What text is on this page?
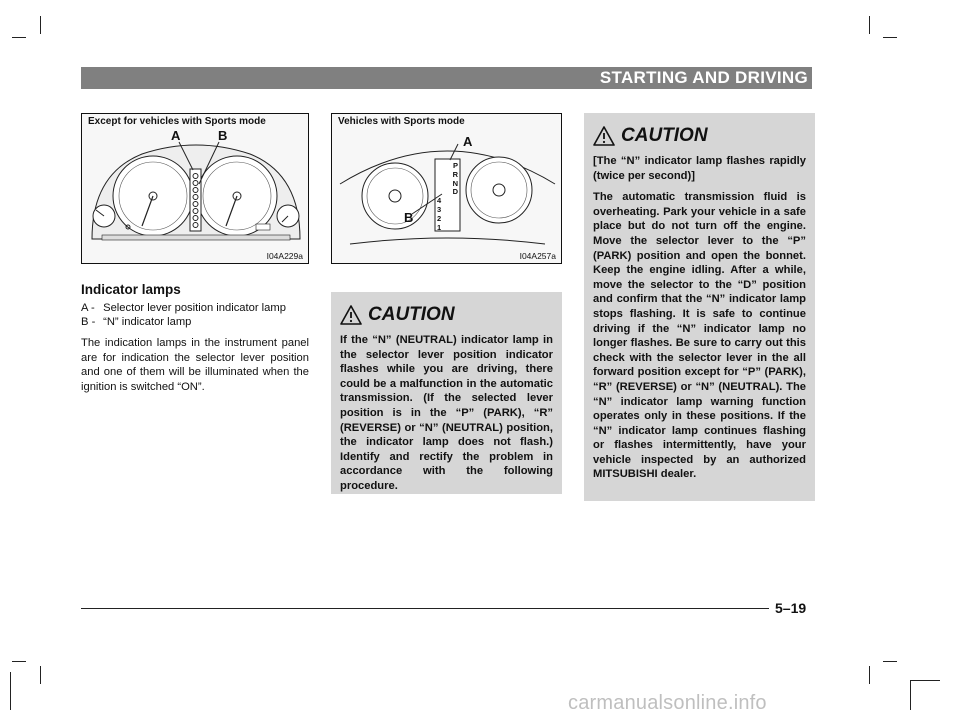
STARTING AND DRIVING
Except for vehicles with Sports mode
A	B
I04A229a
P
R
N
D
4
3
2
1
Vehicles with Sports mode
A
B
I04A257a
Indicator lamps
A - Selector lever position indicator lamp
B - “N” indicator lamp
The indication lamps in the instrument panel are for indication the selector lever position and one of them will be illuminated when the ignition is switched “ON”.
CAUTION

If the “N” (NEUTRAL) indicator lamp in the selector lever position indicator flashes while you are driving, there could be a malfunction in the automatic transmission. (If the selected lever position is in the “P” (PARK), “R” (REVERSE) or “N” (NEUTRAL) position, the indicator lamp does not flash.) Identify and rectify the problem in accordance with the following procedure.

CAUTION

[The “N” indicator lamp flashes rapidly (twice per second)]

The automatic transmission fluid is overheating. Park your vehicle in a safe place but do not turn off the engine. Move the selector lever to the “P” (PARK) position and open the bonnet. Keep the engine idling. After a while, move the selector to the “D” position and confirm that the “N” indicator lamp stops flashing. It is safe to continue driving if the “N” indicator lamp no longer flashes. Be sure to carry out this check with the selector lever in the all forward position except for “P” (PARK), “R” (REVERSE) or “N” (NEUTRAL). The “N” indicator lamp warning function operates only in these positions. If the “N” indicator lamp continues flashing or flashes intermittently, have your vehicle inspected by an authorized MITSUBISHI dealer.

5–19
carmanualsonline.info
